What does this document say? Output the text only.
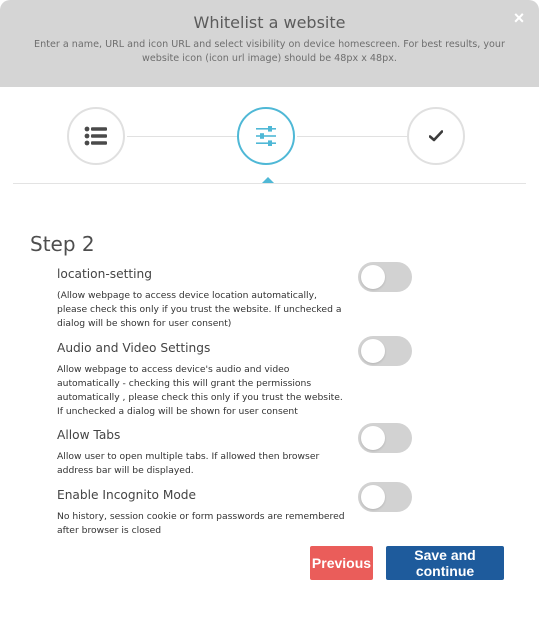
Whitelist a website
Enter a name, URL and icon URL and select visibility on device homescreen. For best results, your website icon (icon url image) should be 48px x 48px.
×
Step 2

location-setting

(Allow webpage to access device location automatically, please check this only if you trust the website. If unchecked a dialog will be shown for user consent)

Audio and Video Settings

Allow webpage to access device's audio and video automatically - checking this will grant the permissions automatically , please check this only if you trust the website. If unchecked a dialog will be shown for user consent

Allow Tabs

Allow user to open multiple tabs. If allowed then browser address bar will be displayed.

Enable Incognito Mode

No history, session cookie or form passwords are remembered after browser is closed

Previous	Save and continue
